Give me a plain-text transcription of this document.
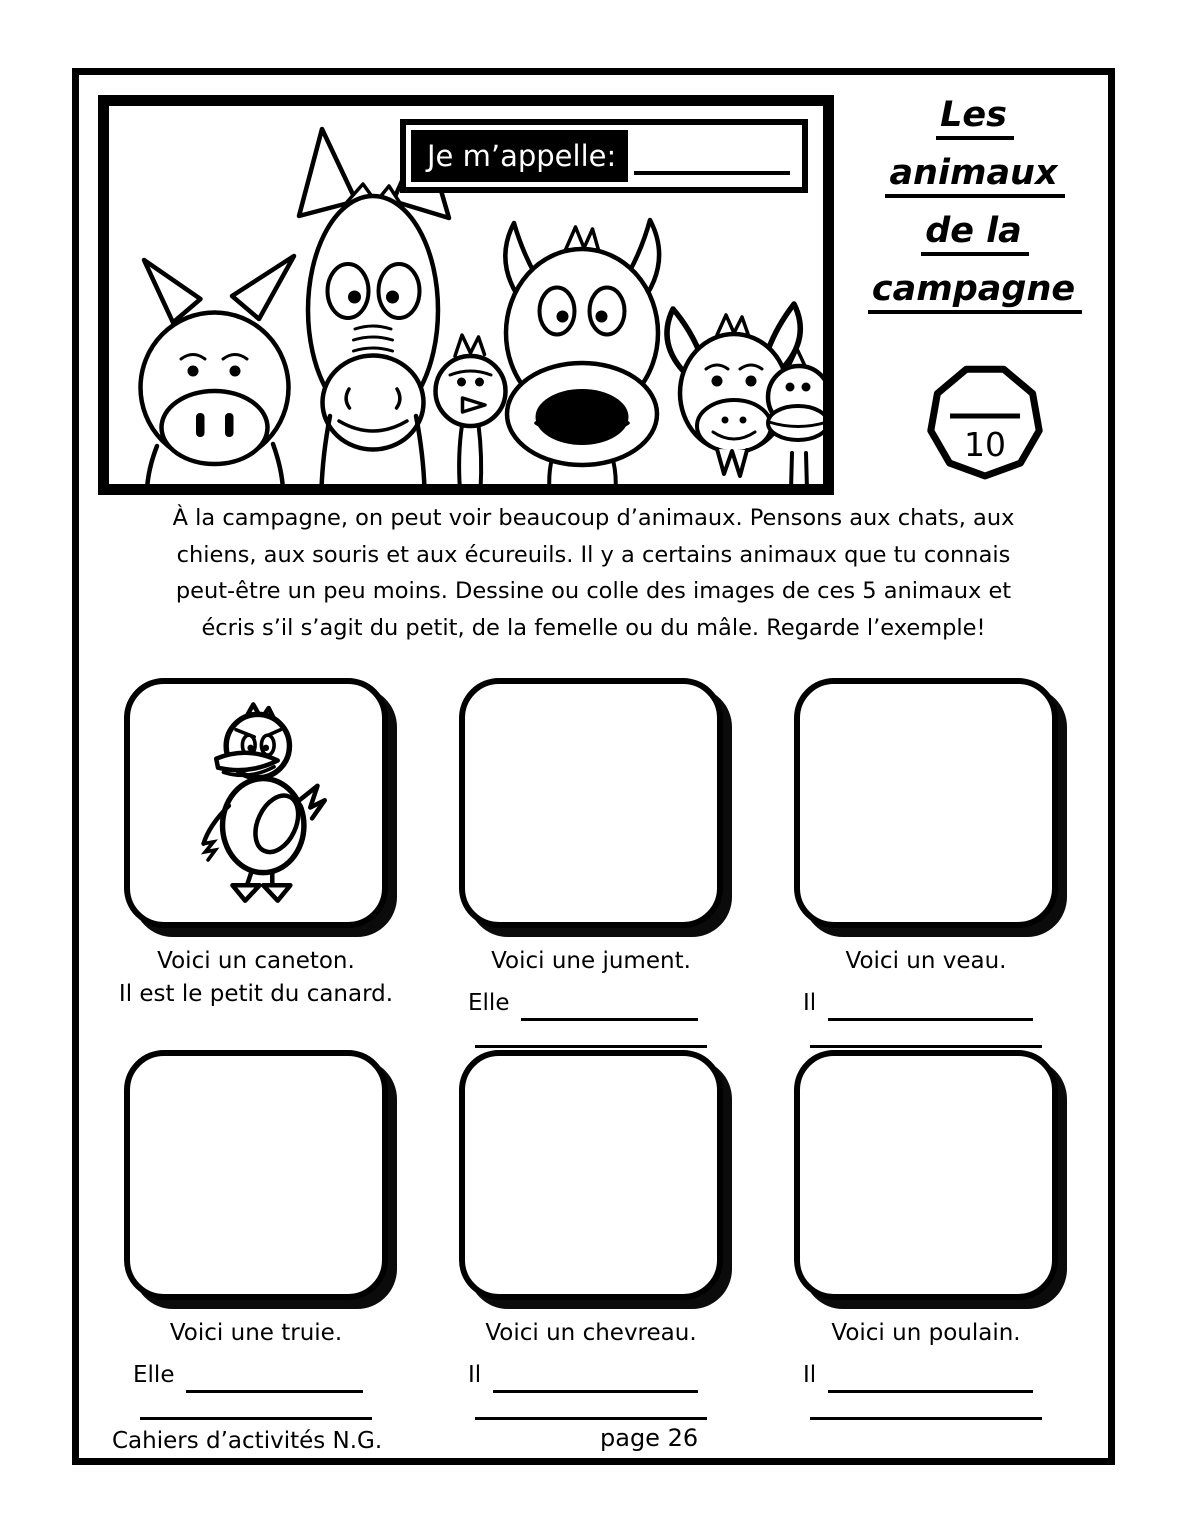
Je m’appelle:
Les
animaux
de la
campagne
10
À la campagne, on peut voir beaucoup d’animaux. Pensons aux chats, aux
chiens, aux souris et aux écureuils. Il y a certains animaux que tu connais
peut-être un peu moins. Dessine ou colle des images de ces 5 animaux et
écris s’il s’agit du petit, de la femelle ou du mâle. Regarde l’exemple!
Voici un caneton.
Il est le petit du canard.
Voici une jument.
Elle
Voici un veau.
Il
Voici une truie.
Elle
Voici un chevreau.
Il
Voici un poulain.
Il
Cahiers d’activités N.G.	page 26
